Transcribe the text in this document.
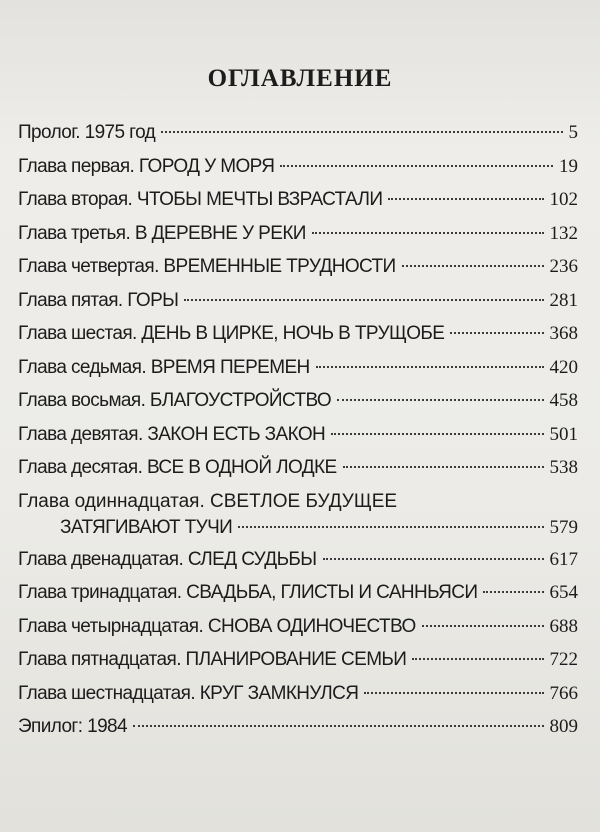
ОГЛАВЛЕНИЕ
Пролог. 1975 год	5
Глава первая. ГОРОД У МОРЯ	19
Глава вторая. ЧТОБЫ МЕЧТЫ ВЗРАСТАЛИ	102
Глава третья. В ДЕРЕВНЕ У РЕКИ	132
Глава четвертая. ВРЕМЕННЫЕ ТРУДНОСТИ	236
Глава пятая. ГОРЫ	281
Глава шестая. ДЕНЬ В ЦИРКЕ, НОЧЬ В ТРУЩОБЕ	368
Глава седьмая. ВРЕМЯ ПЕРЕМЕН	420
Глава восьмая. БЛАГОУСТРОЙСТВО	458
Глава девятая. ЗАКОН ЕСТЬ ЗАКОН	501
Глава десятая. ВСЕ В ОДНОЙ ЛОДКЕ	538
Глава одиннадцатая. СВЕТЛОЕ БУДУЩЕЕ
ЗАТЯГИВАЮТ ТУЧИ	579
Глава двенадцатая. СЛЕД СУДЬБЫ	617
Глава тринадцатая. СВАДЬБА, ГЛИСТЫ И САННЬЯСИ	654
Глава четырнадцатая. СНОВА ОДИНОЧЕСТВО	688
Глава пятнадцатая. ПЛАНИРОВАНИЕ СЕМЬИ	722
Глава шестнадцатая. КРУГ ЗАМКНУЛСЯ	766
Эпилог: 1984	809
